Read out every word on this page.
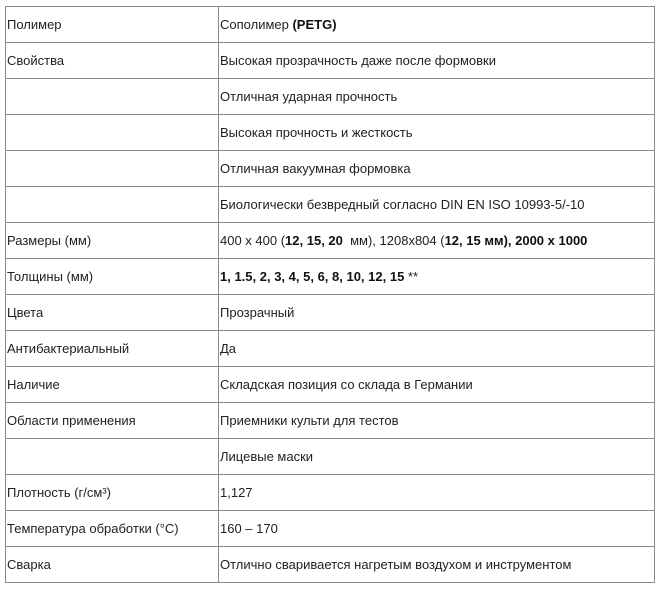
Полимер	Сополимер (PETG)
Свойства	Высокая прозрачность даже после формовки
	Отличная ударная прочность
	Высокая прочность и жесткость
	Отличная вакуумная формовка
	Биологически безвредный согласно DIN EN ISO 10993-5/-10
Размеры (мм)	400 x 400 (12, 15, 20  мм), 1208x804 (12, 15 мм), 2000 x 1000
Толщины (мм)	1, 1.5, 2, 3, 4, 5, 6, 8, 10, 12, 15 **
Цвета	Прозрачный
Антибактериальный	Да
Наличие	Складская позиция со склада в Германии
Области применения	Приемники культи для тестов
	Лицевые маски
Плотность (г/см³)	1,127
Температура обработки (°C)	160 – 170
Сварка	Отлично сваривается нагретым воздухом и инструментом
